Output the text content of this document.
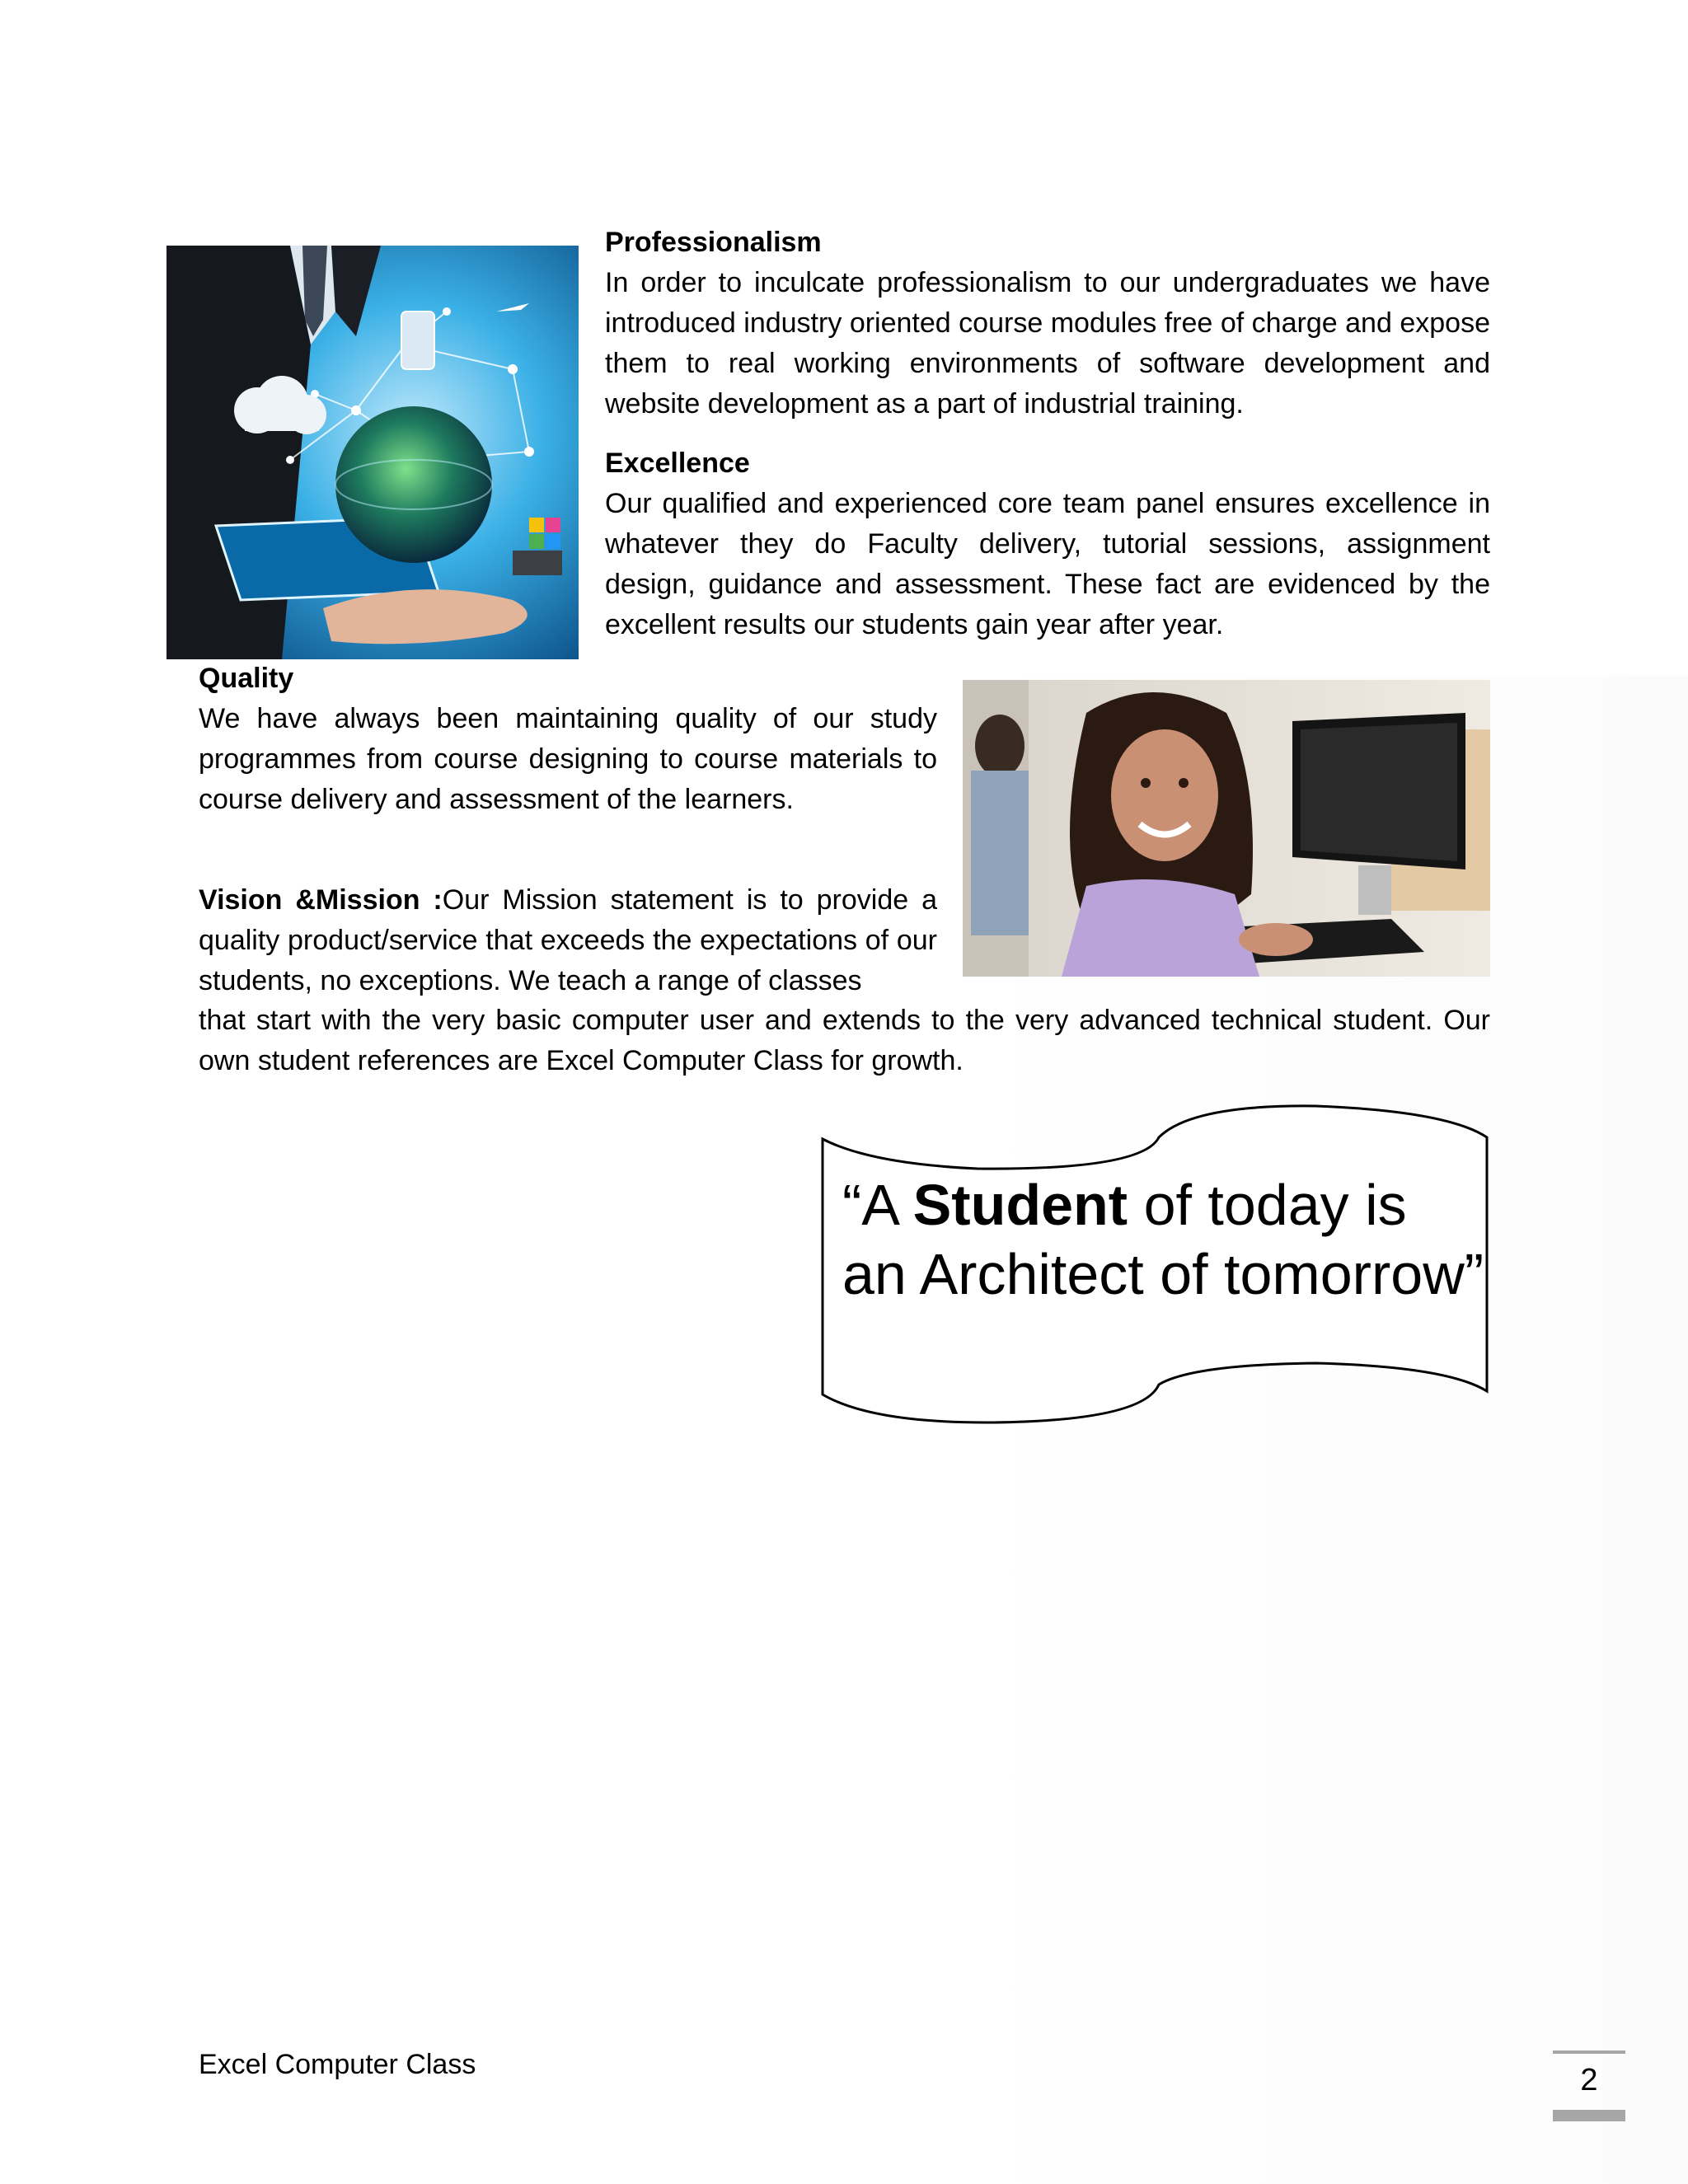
Professionalism
In order to inculcate professionalism to our undergraduates we have introduced industry oriented course modules free of charge and expose them to real working environments of software development and website development as a part of industrial training.
Excellence
Our qualified and experienced core team panel ensures excellence in whatever they do Faculty delivery, tutorial sessions, assignment design, guidance and assessment. These fact are evidenced by the excellent results our students gain year after year.
Quality
We have always been maintaining quality of our study programmes from course designing to course materials to course delivery and assessment of the learners.
Vision &Mission :Our Mission statement is to provide a quality product/service that exceeds the expectations of our students, no exceptions. We teach a range of classes
that start with the very basic computer user and extends to the very advanced technical student. Our own student references are Excel Computer Class for growth.
“A Student of today is an Architect of tomorrow”
Excel Computer Class	2
